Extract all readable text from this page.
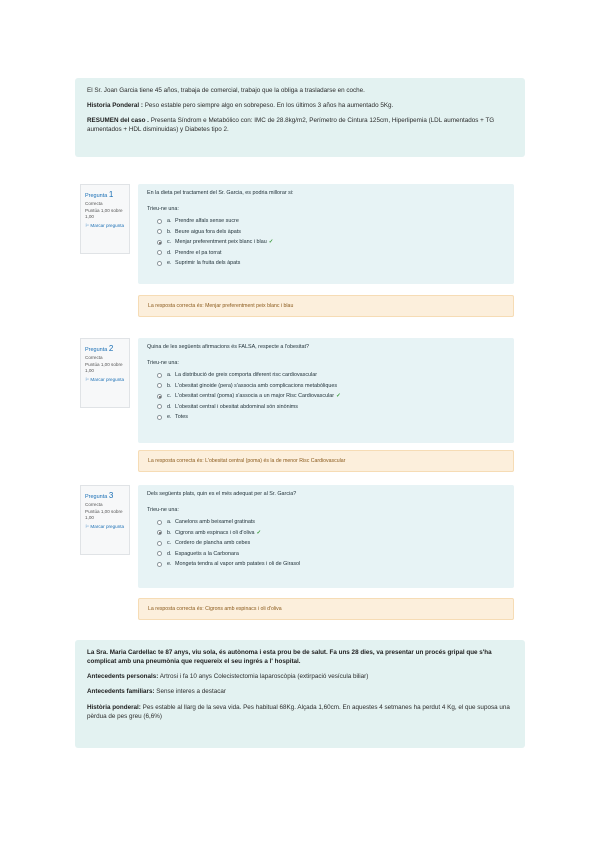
El Sr. Joan Garcia tiene 45 años, trabaja de comercial, trabajo que la obliga a trasladarse en coche.

Historia Ponderal : Peso estable pero siempre algo en sobrepeso. En los últimos 3 años ha aumentado 5Kg.

RESUMEN del caso . Presenta Síndrom e Metabólico con: IMC de 28.8kg/m2, Perímetro de Cintura 125cm, Hiperlipemia (LDL aumentados + TG aumentados + HDL disminuidas) y Diabetes tipo 2.

Pregunta 1
Correcta
Puntúa 1,00 sobre 1,00
⚐ Marcar pregunta

En la dieta pel tractament del Sr. Garcia, es podria millorar si:

Trieu-ne una:

a. Prendre alfals sense sucre
b. Beure aigua fora dels àpats
c. Menjar preferentment peix blanc i blau ✓
d. Prendre el pa torrat
e. Suprimir la fruita dels àpats
La resposta correcta és: Menjar preferentment peix blanc i blau
Pregunta 2
Correcta
Puntúa 1,00 sobre 1,00
⚐ Marcar pregunta

Quina de les següents afirmacions és FALSA, respecte a l'obesitat?

Trieu-ne una:

a. La distribució de greix comporta diferent risc cardiovascular
b. L'obesitat ginoide (pera) s'associa amb complicacions metabòliques
c. L'obesitat central (poma) s'associa a un major Risc Cardiovascular ✓
d. L'obesitat central i obesitat abdominal són sinònims
e. Totes
La resposta correcta és: L'obesitat central (poma) és la de menor Risc Cardiovascular
Pregunta 3
Correcta
Puntúa 1,00 sobre 1,00
⚐ Marcar pregunta

Dels següents plats, quin es el més adequat per al Sr. Garcia?

Trieu-ne una:

a. Canelons amb beixamel gratinats
b. Cigrons amb espinacs i oli d'oliva ✓
c. Cordero de plancha amb cebes
d. Espaguetis a la Carbonara
e. Mongeta tendra al vapor amb patates i oli de Girasol
La resposta correcta és: Cigrons amb espinacs i oli d'oliva

La Sra. Maria Cardellac te 87 anys, viu sola, és autònoma i esta prou be de salut. Fa uns 28 dies, va presentar un procés gripal que s'ha complicat amb una pneumònia que requereix el seu ingrés a l' hospital.

Antecedents personals: Artrosi i fa 10 anys Colecistectomia laparoscòpia (extirpació vesícula biliar)

Antecedents familiars: Sense interes a destacar

Història ponderal: Pes estable al llarg de la seva vida. Pes habitual 68Kg. Alçada 1,60cm. En aquestes 4 setmanes ha perdut 4 Kg, el que suposa una pèrdua de pes greu (6,6%)
